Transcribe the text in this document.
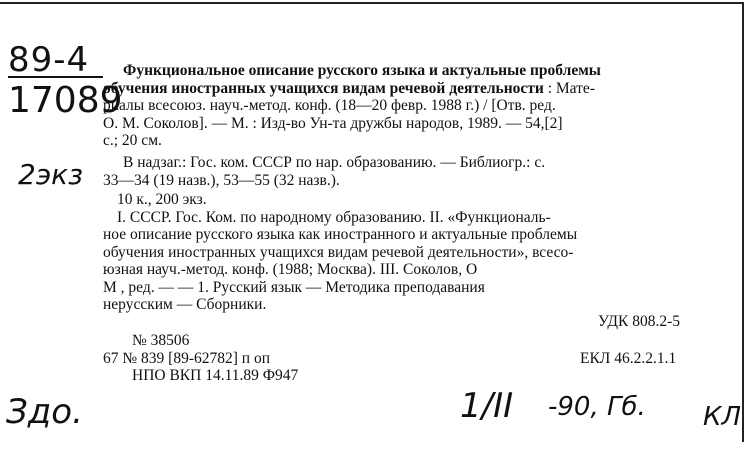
89-4
17089
2экз
Здо.	1/II -90, Гб. КЛ
Функциональное описание русского языка и актуальные проблемы
обучения иностранных учащихся видам речевой деятельности : Мате-
риалы всесоюз. науч.-метод. конф. (18—20 февр. 1988 г.) / [Отв. ред.
О. М. Соколов]. — М. : Изд-во Ун-та дружбы народов, 1989. — 54,[2]
с.; 20 см.
В надзаг.: Гос. ком. СССР по нар. образованию. — Библиогр.: с.
33—34 (19 назв.), 53—55 (32 назв.).
10 к., 200 экз.
I. СССР. Гос. Ком. по народному образованию. II. «Функциональ-
ное описание русского языка как иностранного и актуальные проблемы
обучения иностранных учащихся видам речевой деятельности», всесо-
юзная науч.-метод. конф. (1988; Москва). III. Соколов, О
М , ред. — — 1. Русский язык — Методика преподавания
нерусским — Сборники.
УДК 808.2-5
№ 38506
67 № 839 [89-62782] п оп	ЕКЛ 46.2.2.1.1
НПО ВКП 14.11.89 Ф947
